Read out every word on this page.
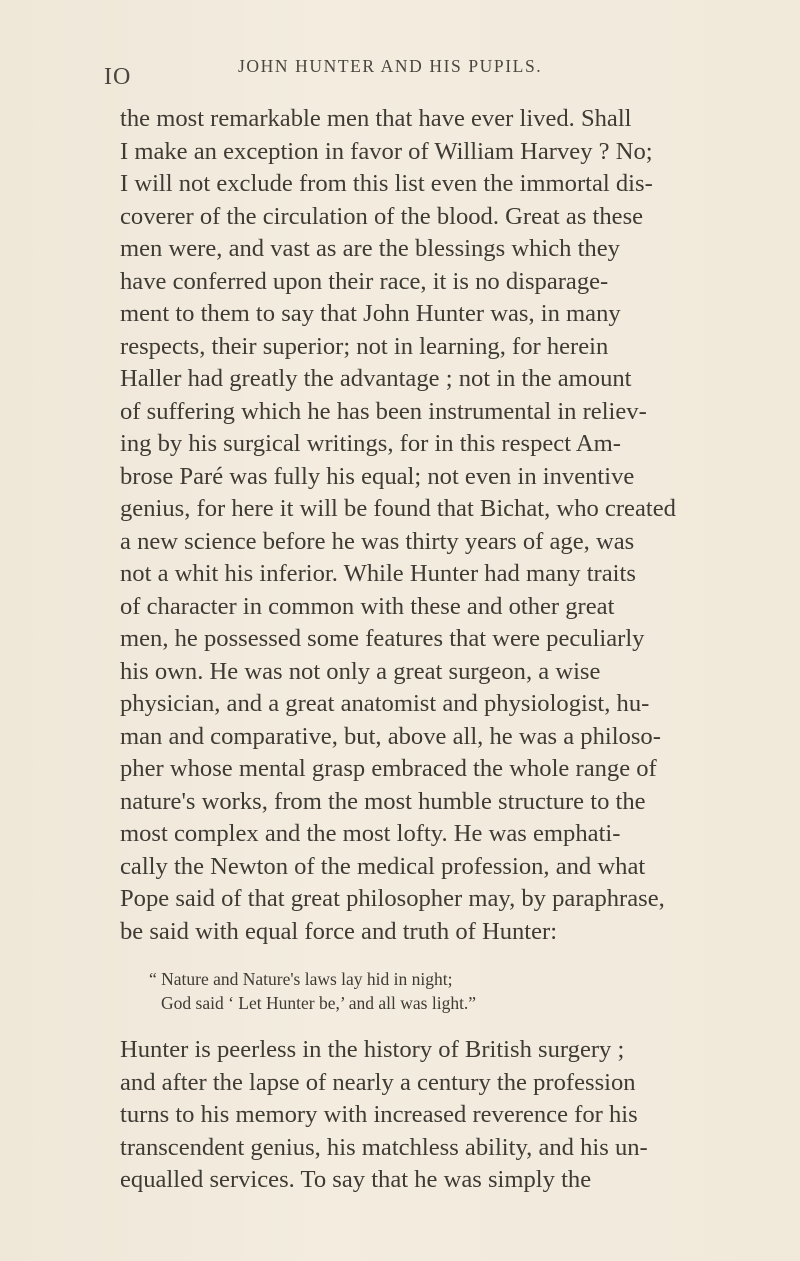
IO	JOHN HUNTER AND HIS PUPILS.
the most remarkable men that have ever lived. Shall
I make an exception in favor of William Harvey ? No;
I will not exclude from this list even the immortal dis-
coverer of the circulation of the blood. Great as these
men were, and vast as are the blessings which they
have conferred upon their race, it is no disparage-
ment to them to say that John Hunter was, in many
respects, their superior; not in learning, for herein
Haller had greatly the advantage ; not in the amount
of suffering which he has been instrumental in reliev-
ing by his surgical writings, for in this respect Am-
brose Paré was fully his equal; not even in inventive
genius, for here it will be found that Bichat, who created
a new science before he was thirty years of age, was
not a whit his inferior. While Hunter had many traits
of character in common with these and other great
men, he possessed some features that were peculiarly
his own. He was not only a great surgeon, a wise
physician, and a great anatomist and physiologist, hu-
man and comparative, but, above all, he was a philoso-
pher whose mental grasp embraced the whole range of
nature's works, from the most humble structure to the
most complex and the most lofty. He was emphati-
cally the Newton of the medical profession, and what
Pope said of that great philosopher may, by paraphrase,
be said with equal force and truth of Hunter:
“ Nature and Nature's laws lay hid in night;
God said ‘ Let Hunter be,’ and all was light.”
Hunter is peerless in the history of British surgery ;
and after the lapse of nearly a century the profession
turns to his memory with increased reverence for his
transcendent genius, his matchless ability, and his un-
equalled services. To say that he was simply the
